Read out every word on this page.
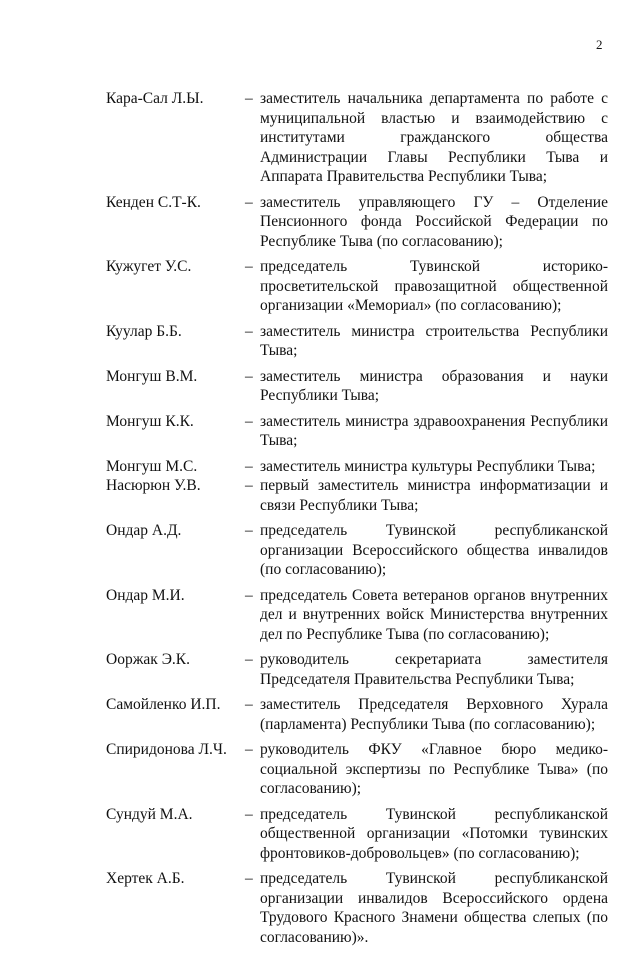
2
Кара-Сал Л.Ы.	– заместитель начальника департамента по работе с муниципальной властью и взаимодействию с институтами гражданского общества Администрации Главы Республики Тыва и Аппарата Правительства Республики Тыва;
Кенден С.Т-К.	– заместитель управляющего ГУ – Отделение Пенсионного фонда Российской Федерации по Республике Тыва (по согласованию);
Кужугет У.С.	– председатель Тувинской историко-просветительской правозащитной общественной организации «Мемориал» (по согласованию);
Куулар Б.Б.	– заместитель министра строительства Республики Тыва;
Монгуш В.М.	– заместитель министра образования и науки Республики Тыва;
Монгуш К.К.	– заместитель министра здравоохранения Республики Тыва;
Монгуш М.С.	– заместитель министра культуры Республики Тыва;
Насюрюн У.В.	– первый заместитель министра информатизации и связи Республики Тыва;
Ондар А.Д.	– председатель Тувинской республиканской организации Всероссийского общества инвалидов (по согласованию);
Ондар М.И.	– председатель Совета ветеранов органов внутренних дел и внутренних войск Министерства внутренних дел по Республике Тыва (по согласованию);
Ооржак Э.К.	– руководитель секретариата заместителя Председателя Правительства Республики Тыва;
Самойленко И.П. – заместитель Председателя Верховного Хурала (парламента) Республики Тыва (по согласованию);
Спиридонова Л.Ч. – руководитель ФКУ «Главное бюро медико-социальной экспертизы по Республике Тыва» (по согласованию);
Сундуй М.А.	– председатель Тувинской республиканской общественной организации «Потомки тувинских фронтовиков-добровольцев» (по согласованию);
Хертек А.Б.	– председатель Тувинской республиканской организации инвалидов Всероссийского ордена Трудового Красного Знамени общества слепых (по согласованию)».
